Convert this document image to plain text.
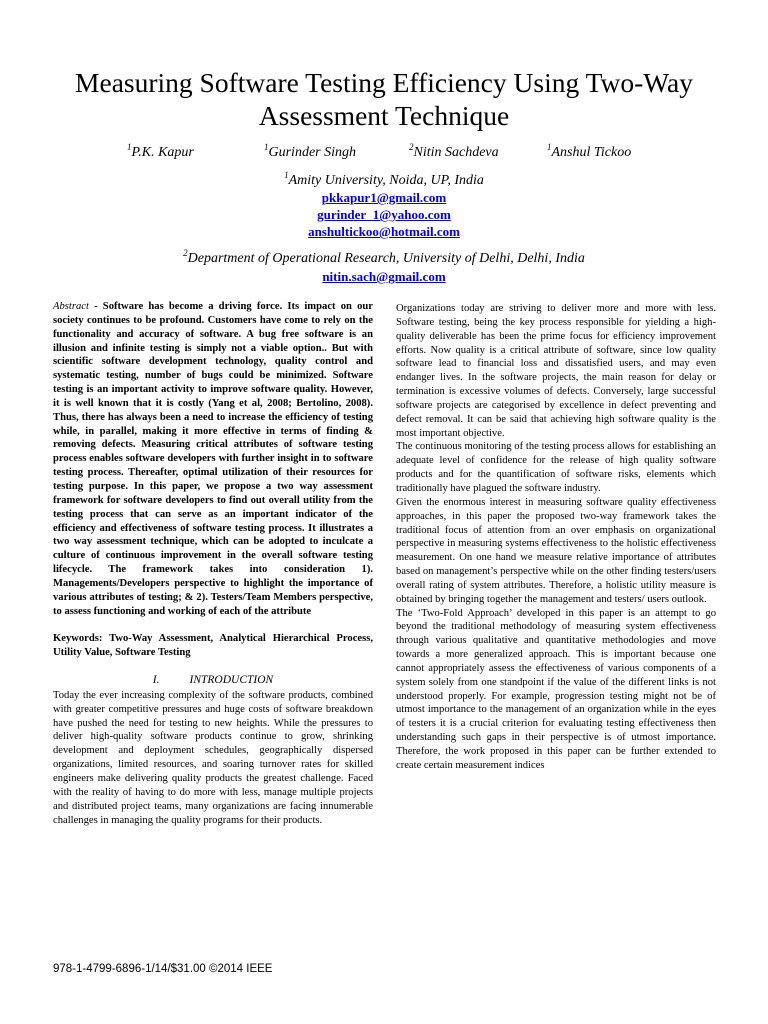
Measuring Software Testing Efficiency Using Two-Way Assessment Technique
$^1$P.K. Kapur	$^1$Gurinder Singh	$^2$Nitin Sachdeva	$^1$Anshul Tickoo
$^1$Amity University, Noida, UP, India
pkkapur1@gmail.com
gurinder_1@yahoo.com
anshultickoo@hotmail.com
$^2$Department of Operational Research, University of Delhi, Delhi, India
nitin.sach@gmail.com

Abstract - Software has become a driving force. Its impact on our society continues to be profound. Customers have come to rely on the functionality and accuracy of software. A bug free software is an illusion and infinite testing is simply not a viable option.. But with scientific software development technology, quality control and systematic testing, number of bugs could be minimized. Software testing is an important activity to improve software quality. However, it is well known that it is costly (Yang et al, 2008; Bertolino, 2008). Thus, there has always been a need to increase the efficiency of testing while, in parallel, making it more effective in terms of finding & removing defects. Measuring critical attributes of software testing process enables software developers with further insight in to software testing process. Thereafter, optimal utilization of their resources for testing purpose. In this paper, we propose a two way assessment framework for software developers to find out overall utility from the testing process that can serve as an important indicator of the efficiency and effectiveness of software testing process. It illustrates a two way assessment technique, which can be adopted to inculcate a culture of continuous improvement in the overall software testing lifecycle. The framework takes into consideration 1). Managements/Developers perspective to highlight the importance of various attributes of testing; & 2). Testers/Team Members perspective, to assess functioning and working of each of the attribute

Keywords: Two-Way Assessment, Analytical Hierarchical Process, Utility Value, Software Testing

I.	INTRODUCTION

Today the ever increasing complexity of the software products, combined with greater competitive pressures and huge costs of software breakdown have pushed the need for testing to new heights. While the pressures to deliver high-quality software products continue to grow, shrinking development and deployment schedules, geographically dispersed organizations, limited resources, and soaring turnover rates for skilled engineers make delivering quality products the greatest challenge. Faced with the reality of having to do more with less, manage multiple projects and distributed project teams, many organizations are facing innumerable challenges in managing the quality programs for their products.

Organizations today are striving to deliver more and more with less. Software testing, being the key process responsible for yielding a high-quality deliverable has been the prime focus for efficiency improvement efforts. Now quality is a critical attribute of software, since low quality software lead to financial loss and dissatisfied users, and may even endanger lives. In the software projects, the main reason for delay or termination is excessive volumes of defects. Conversely, large successful software projects are categorised by excellence in defect preventing and defect removal. It can be said that achieving high software quality is the most important objective.

The continuous monitoring of the testing process allows for establishing an adequate level of confidence for the release of high quality software products and for the quantification of software risks, elements which traditionally have plagued the software industry.

Given the enormous interest in measuring software quality effectiveness approaches, in this paper the proposed two-way framework takes the traditional focus of attention from an over emphasis on organizational perspective in measuring systems effectiveness to the holistic effectiveness measurement. On one hand we measure relative importance of attributes based on management’s perspective while on the other finding testers/users overall rating of system attributes. Therefore, a holistic utility measure is obtained by bringing together the management and testers/ users outlook.

The ‘Two-Fold Approach’ developed in this paper is an attempt to go beyond the traditional methodology of measuring system effectiveness through various qualitative and quantitative methodologies and move towards a more generalized approach. This is important because one cannot appropriately assess the effectiveness of various components of a system solely from one standpoint if the value of the different links is not understood properly. For example, progression testing might not be of utmost importance to the management of an organization while in the eyes of testers it is a crucial criterion for evaluating testing effectiveness then understanding such gaps in their perspective is of utmost importance. Therefore, the work proposed in this paper can be further extended to create certain measurement indices

978-1-4799-6896-1/14/$31.00 ©2014 IEEE
